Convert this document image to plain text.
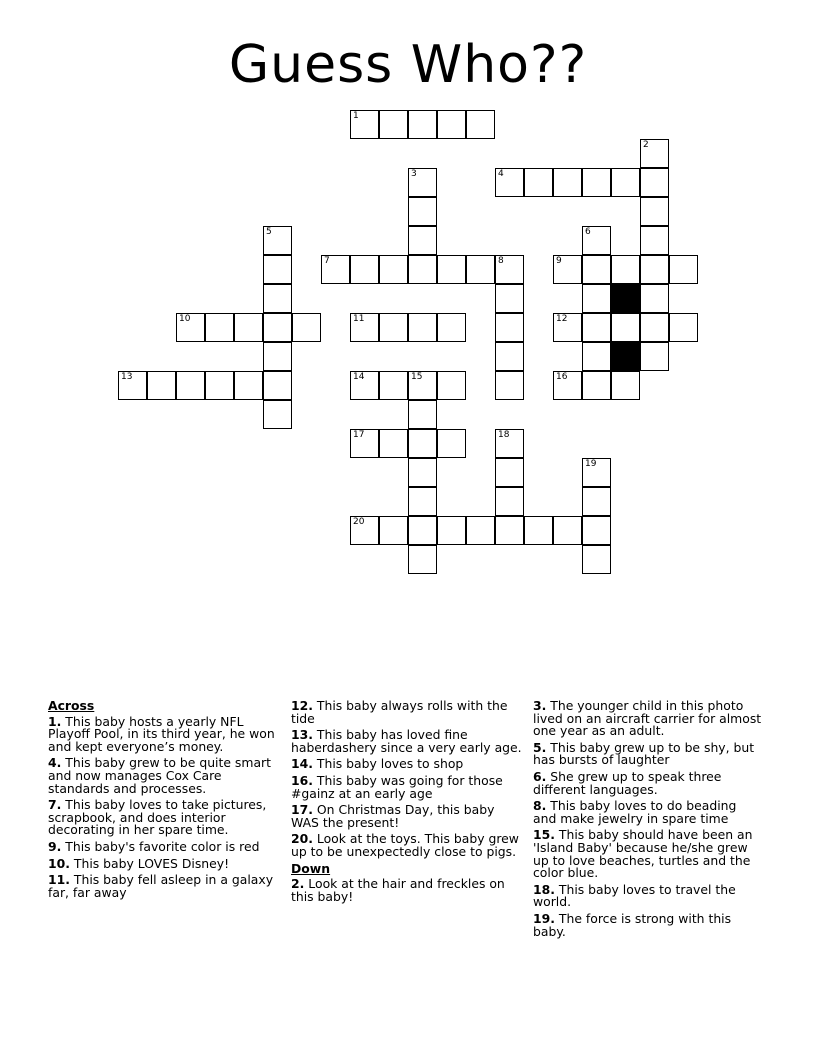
Guess Who??
1
4
7	8	9
10	11	12
13	14	15	16
17
20
2
3
5	6
18
19
Across
1. This baby hosts a yearly NFL Playoff Pool, in its third year, he won and kept everyone’s money.
4. This baby grew to be quite smart and now manages Cox Care standards and processes.
7. This baby loves to take pictures, scrapbook, and does interior decorating in her spare time.
9. This baby's favorite color is red
10. This baby LOVES Disney!
11. This baby fell asleep in a galaxy far, far away
12. This baby always rolls with the tide
13. This baby has loved fine haberdashery since a very early age.
14. This baby loves to shop
16. This baby was going for those #gainz at an early age
17. On Christmas Day, this baby WAS the present!
20. Look at the toys. This baby grew up to be unexpectedly close to pigs.
Down
2. Look at the hair and freckles on this baby!
3. The younger child in this photo lived on an aircraft carrier for almost one year as an adult.
5. This baby grew up to be shy, but has bursts of laughter
6. She grew up to speak three different languages.
8. This baby loves to do beading and make jewelry in spare time
15. This baby should have been an 'Island Baby' because he/she grew up to love beaches, turtles and the color blue.
18. This baby loves to travel the world.
19. The force is strong with this baby.
